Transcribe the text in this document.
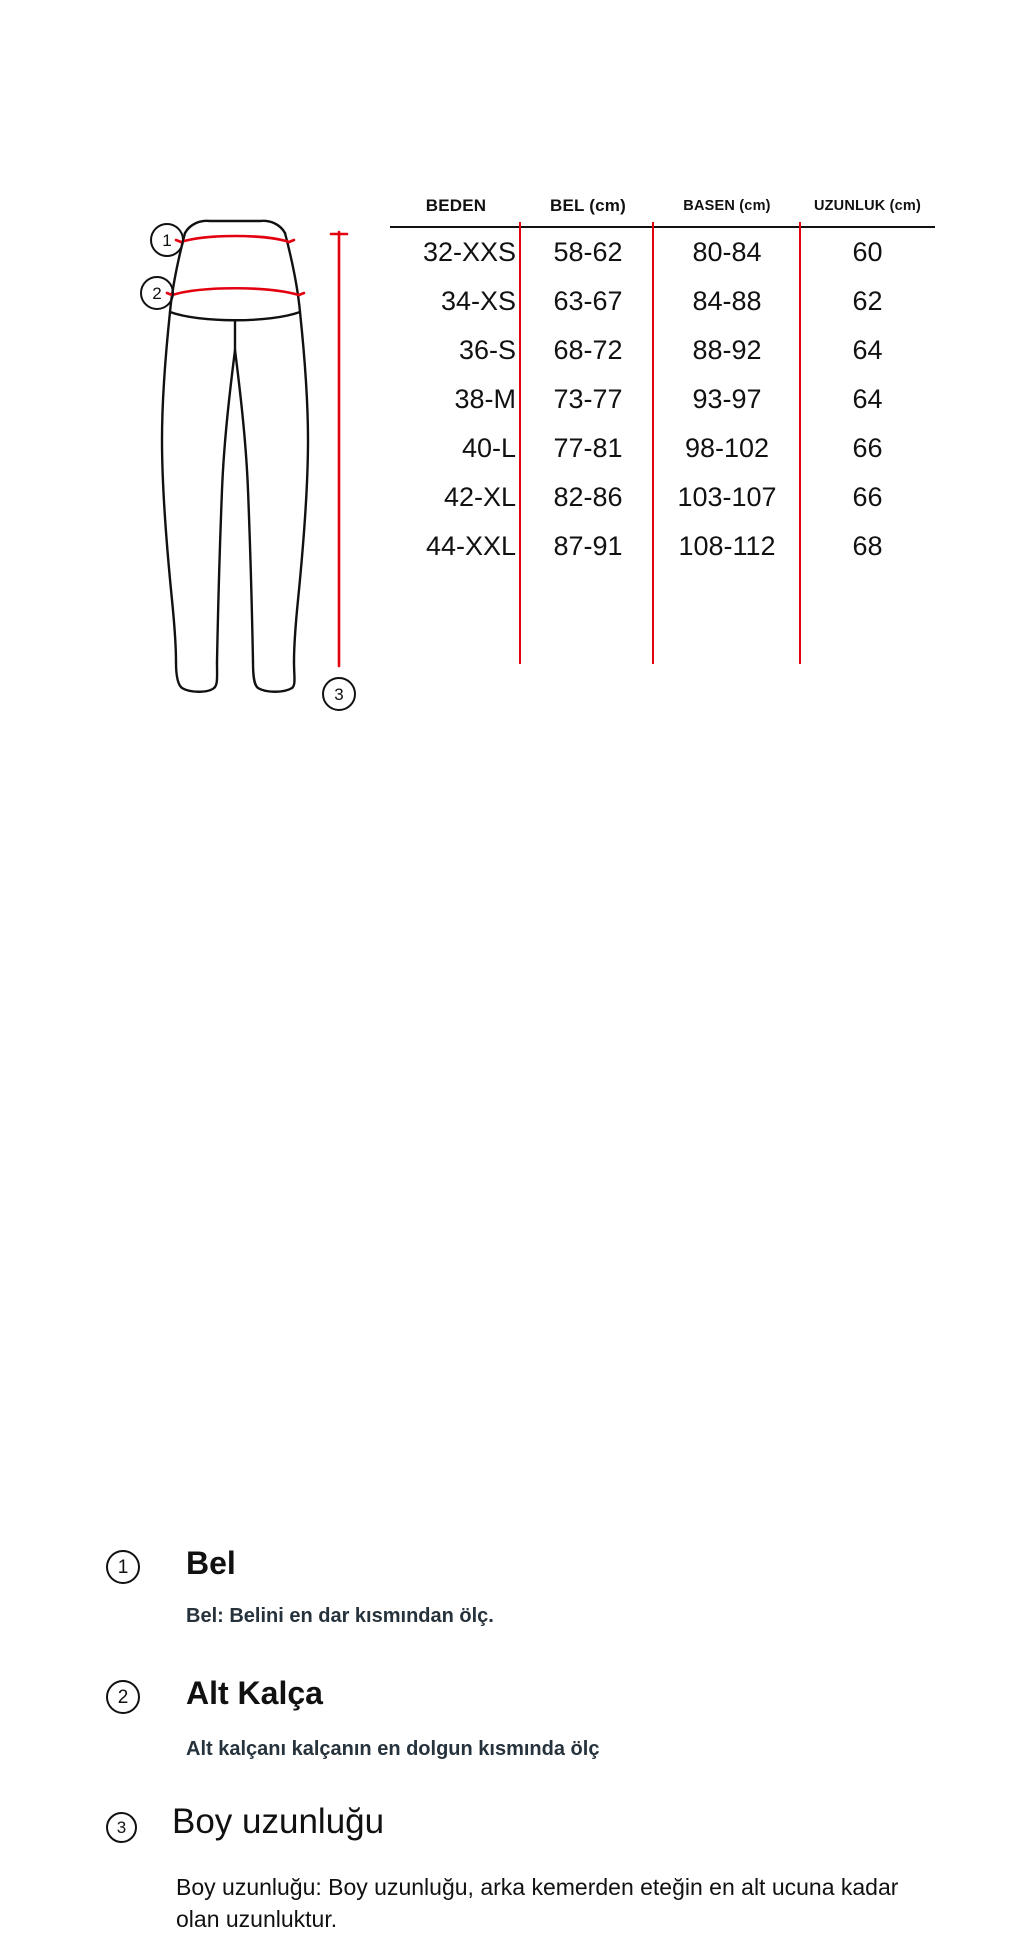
1
2
3
BEDEN	BEL (cm)	BASEN (cm)	UZUNLUK (cm)
32-XXS	58-62	80-84	60
34-XS	63-67	84-88	62
36-S	68-72	88-92	64
38-M	73-77	93-97	64
40-L	77-81	98-102	66
42-XL	82-86	103-107	66
44-XXL	87-91	108-112	68
1	Bel
Bel: Belini en dar kısmından ölç.
2	Alt Kalça
Alt kalçanı kalçanın en dolgun kısmında ölç
3	Boy uzunluğu
Boy uzunluğu: Boy uzunluğu, arka kemerden eteğin en alt ucuna kadar olan uzunluktur.
